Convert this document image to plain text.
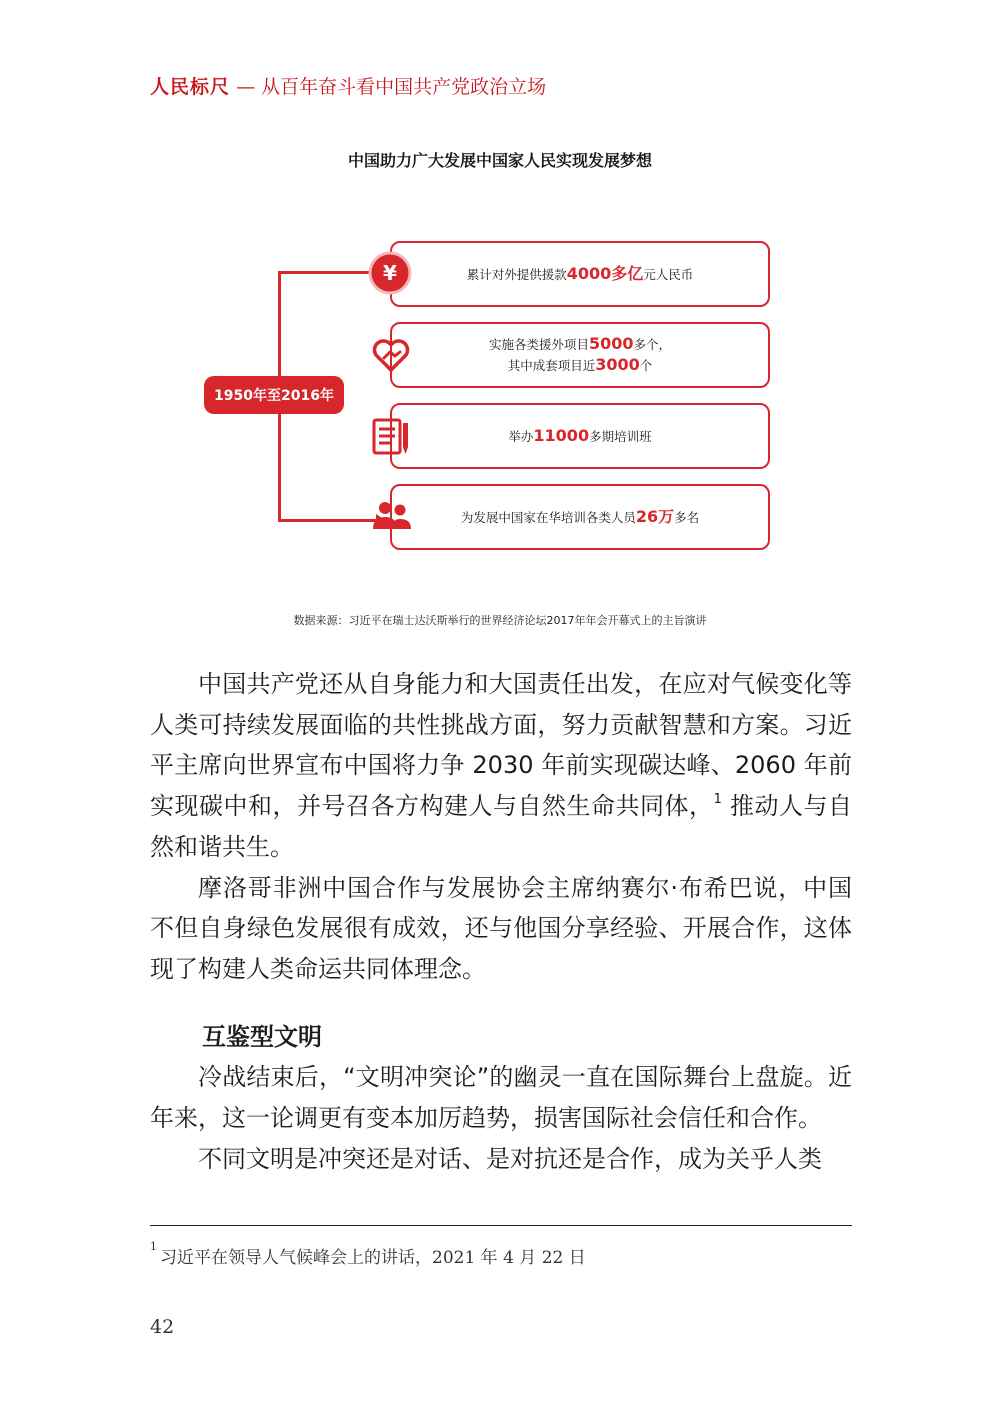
人民标尺 — 从百年奋斗看中国共产党政治立场
中国助力广大发展中国家人民实现发展梦想
1950年至2016年
累计对外提供援款4000多亿元人民币
¥
实施各类援外项目5000多个，
其中成套项目近3000个
举办11000多期培训班
为发展中国家在华培训各类人员26万多名
数据来源：习近平在瑞士达沃斯举行的世界经济论坛2017年年会开幕式上的主旨演讲

中国共产党还从自身能力和大国责任出发，在应对气候变化等人类可持续发展面临的共性挑战方面，努力贡献智慧和方案。习近平主席向世界宣布中国将力争 2030 年前实现碳达峰、2060 年前实现碳中和，并号召各方构建人与自然生命共同体，$^1$ 推动人与自然和谐共生。

摩洛哥非洲中国合作与发展协会主席纳赛尔·布希巴说，中国不但自身绿色发展很有成效，还与他国分享经验、开展合作，这体现了构建人类命运共同体理念。

互鉴型文明

冷战结束后，“文明冲突论”的幽灵一直在国际舞台上盘旋。近年来，这一论调更有变本加厉趋势，损害国际社会信任和合作。

不同文明是冲突还是对话、是对抗还是合作，成为关乎人类

$^1$习近平在领导人气候峰会上的讲话，2021 年 4 月 22 日
42
